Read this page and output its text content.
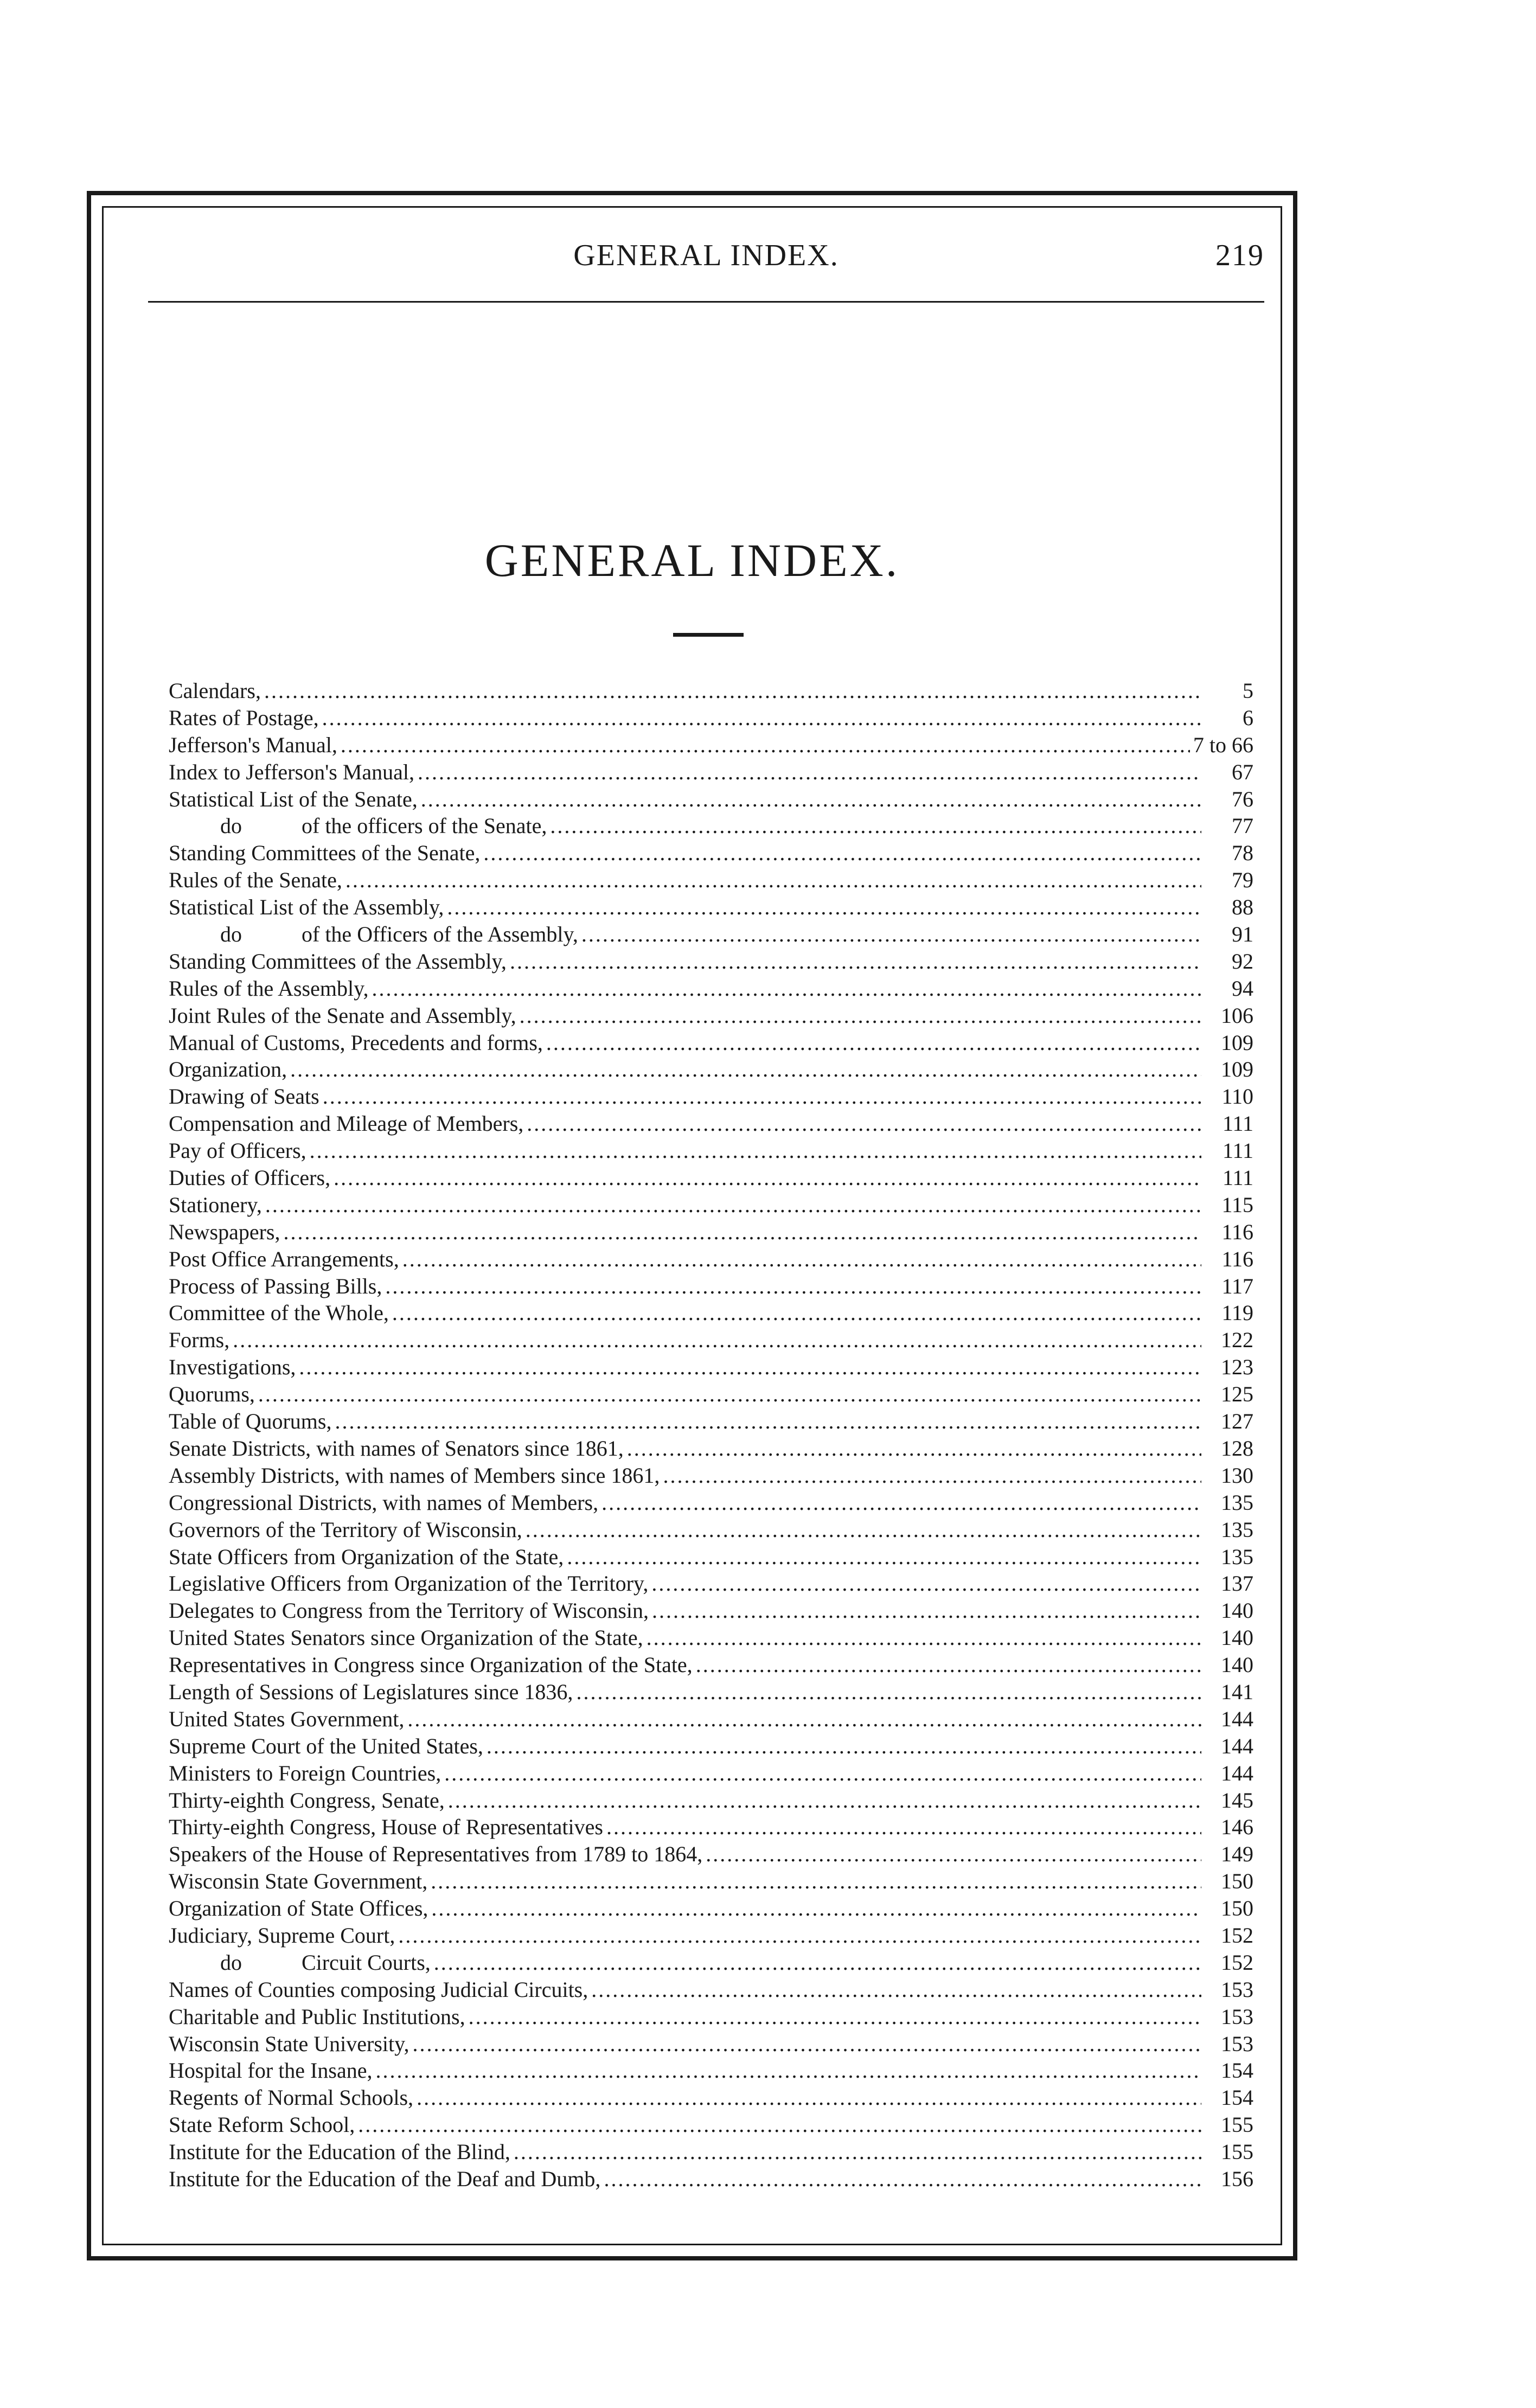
GENERAL INDEX.	219
GENERAL INDEX.
Calendars, .....	5
Rates of Postage, .....	6
Jefferson's Manual, .....	7 to 66
Index to Jefferson's Manual, .....	67
Statistical List of the Senate, .....	76
do	of the officers of the Senate, .....	77
Standing Committees of the Senate, .....	78
Rules of the Senate, .....	79
Statistical List of the Assembly, .....	88
do	of the Officers of the Assembly, .....	91
Standing Committees of the Assembly, .....	92
Rules of the Assembly, .....	94
Joint Rules of the Senate and Assembly, .....	106
Manual of Customs, Precedents and forms, .....	109
Organization, .....	109
Drawing of Seats .....	110
Compensation and Mileage of Members, .....	111
Pay of Officers, .....	111
Duties of Officers, .....	111
Stationery, .....	115
Newspapers, .....	116
Post Office Arrangements, .....	116
Process of Passing Bills, .....	117
Committee of the Whole, .....	119
Forms, .....	122
Investigations, .....	123
Quorums, .....	125
Table of Quorums, .....	127
Senate Districts, with names of Senators since 1861, .....	128
Assembly Districts, with names of Members since 1861, .....	130
Congressional Districts, with names of Members, .....	135
Governors of the Territory of Wisconsin, .....	135
State Officers from Organization of the State, .....	135
Legislative Officers from Organization of the Territory, .....	137
Delegates to Congress from the Territory of Wisconsin, .....	140
United States Senators since Organization of the State, .....	140
Representatives in Congress since Organization of the State, .....	140
Length of Sessions of Legislatures since 1836, .....	141
United States Government, .....	144
Supreme Court of the United States, .....	144
Ministers to Foreign Countries, .....	144
Thirty-eighth Congress, Senate, .....	145
Thirty-eighth Congress, House of Representatives .....	146
Speakers of the House of Representatives from 1789 to 1864, .....	149
Wisconsin State Government, .....	150
Organization of State Offices, .....	150
Judiciary, Supreme Court, .....	152
do	Circuit Courts, .....	152
Names of Counties composing Judicial Circuits, .....	153
Charitable and Public Institutions, .....	153
Wisconsin State University, .....	153
Hospital for the Insane, .....	154
Regents of Normal Schools, .....	154
State Reform School, .....	155
Institute for the Education of the Blind, .....	155
Institute for the Education of the Deaf and Dumb, .....	156
